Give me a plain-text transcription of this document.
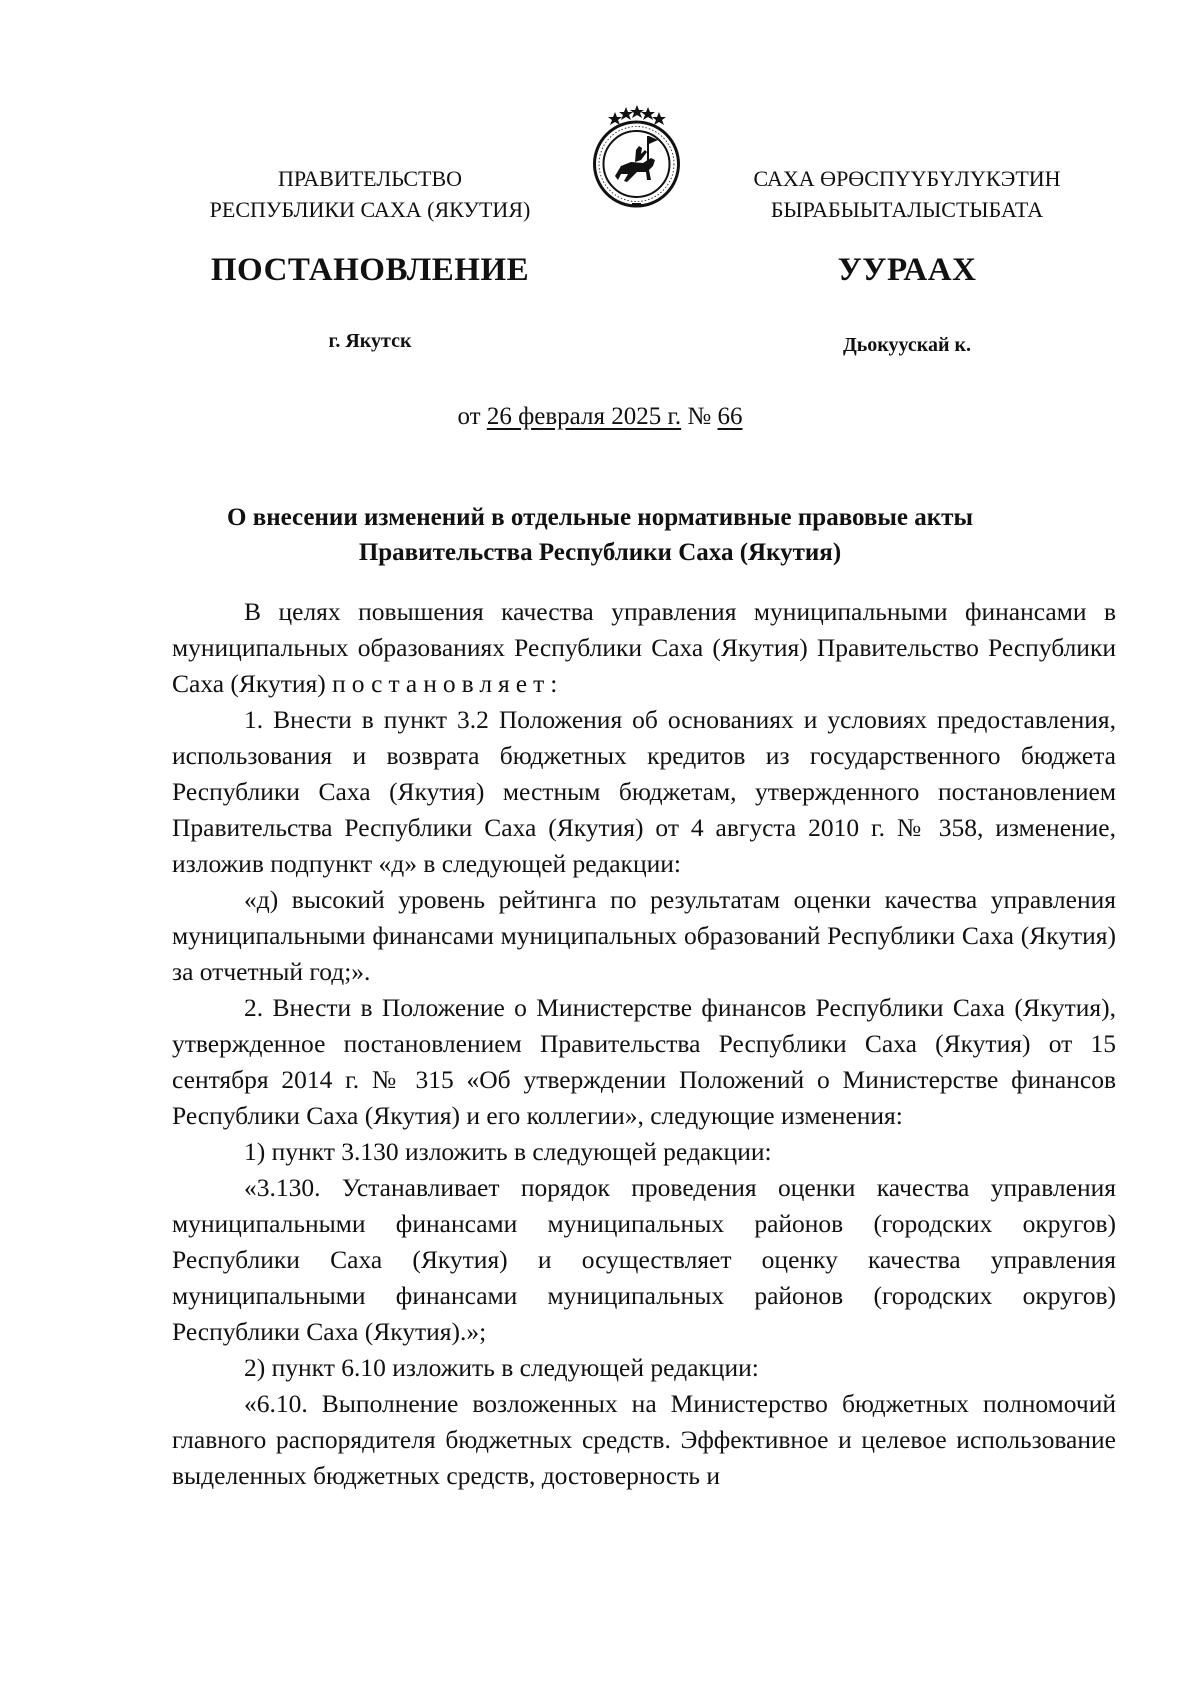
ПРАВИТЕЛЬСТВО
РЕСПУБЛИКИ САХА (ЯКУТИЯ)
САХА ӨРӨСПҮҮБҮЛҮКЭТИН
БЫРАБЫЫТАЛЫСТЫБАТА
ПОСТАНОВЛЕНИЕ	УУРААХ
г. Якутск	Дьокуускай к.
от 26 февраля 2025 г. № 66
О внесении изменений в отдельные нормативные правовые акты
Правительства Республики Саха (Якутия)

В целях повышения качества управления муниципальными финансами в муниципальных образованиях Республики Саха (Якутия) Правительство Республики Саха (Якутия) постановляет:

1. Внести в пункт 3.2 Положения об основаниях и условиях предоставления, использования и возврата бюджетных кредитов из государственного бюджета Республики Саха (Якутия) местным бюджетам, утвержденного постановлением Правительства Республики Саха (Якутия) от 4 августа 2010 г. № 358, изменение, изложив подпункт «д» в следующей редакции:

«д) высокий уровень рейтинга по результатам оценки качества управления муниципальными финансами муниципальных образований Республики Саха (Якутия) за отчетный год;».

2. Внести в Положение о Министерстве финансов Республики Саха (Якутия), утвержденное постановлением Правительства Республики Саха (Якутия) от 15 сентября 2014 г. № 315 «Об утверждении Положений о Министерстве финансов Республики Саха (Якутия) и его коллегии», следующие изменения:

1) пункт 3.130 изложить в следующей редакции:

«3.130. Устанавливает порядок проведения оценки качества управления муниципальными финансами муниципальных районов (городских округов) Республики Саха (Якутия) и осуществляет оценку качества управления муниципальными финансами муниципальных районов (городских округов) Республики Саха (Якутия).»;

2) пункт 6.10 изложить в следующей редакции:

«6.10. Выполнение возложенных на Министерство бюджетных полномочий главного распорядителя бюджетных средств. Эффективное и целевое использование выделенных бюджетных средств, достоверность и
